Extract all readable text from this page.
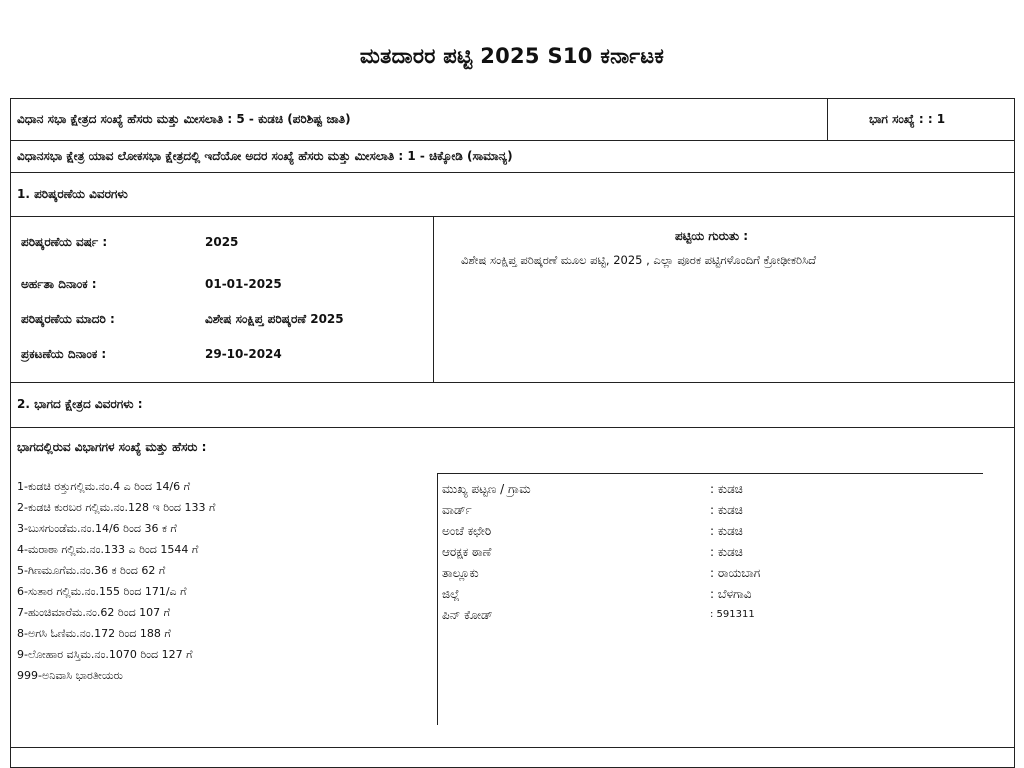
ಮತದಾರರ ಪಟ್ಟಿ 2025 S10 ಕರ್ನಾಟಕ
ವಿಧಾನ ಸಭಾ ಕ್ಷೇತ್ರದ ಸಂಖ್ಯೆ ಹೆಸರು ಮತ್ತು ಮೀಸಲಾತಿ : 5 - ಕುಡಚಿ (ಪರಿಶಿಷ್ಟ ಜಾತಿ)	ಭಾಗ ಸಂಖ್ಯೆ : : 1
ವಿಧಾನಸಭಾ ಕ್ಷೇತ್ರ ಯಾವ ಲೋಕಸಭಾ ಕ್ಷೇತ್ರದಲ್ಲಿ ಇದೆಯೋ ಅದರ ಸಂಖ್ಯೆ ಹೆಸರು ಮತ್ತು ಮೀಸಲಾತಿ : 1 - ಚಿಕ್ಕೋಡಿ (ಸಾಮಾನ್ಯ)
1. ಪರಿಷ್ಕರಣೆಯ ವಿವರಗಳು
ಪರಿಷ್ಕರಣೆಯ ವರ್ಷ :	2025
ಅರ್ಹತಾ ದಿನಾಂಕ :	01-01-2025
ಪರಿಷ್ಕರಣೆಯ ಮಾದರಿ :	ವಿಶೇಷ ಸಂಕ್ಷಿಪ್ತ ಪರಿಷ್ಕರಣೆ 2025
ಪ್ರಕಟಣೆಯ ದಿನಾಂಕ :	29-10-2024
ಪಟ್ಟಿಯ ಗುರುತು :
ವಿಶೇಷ ಸಂಕ್ಷಿಪ್ತ ಪರಿಷ್ಕರಣೆ ಮೂಲ ಪಟ್ಟಿ, 2025 , ಎಲ್ಲಾ ಪೂರಕ ಪಟ್ಟಿಗಳೊಂದಿಗೆ ಕ್ರೋಢೀಕರಿಸಿದೆ
2. ಭಾಗದ ಕ್ಷೇತ್ರದ ವಿವರಗಳು :
ಭಾಗದಲ್ಲಿರುವ ವಿಭಾಗಗಳ ಸಂಖ್ಯೆ ಮತ್ತು ಹೆಸರು :
1-ಕುಡಚಿ ರತ್ತುಗಲ್ಲಿಮ.ನಂ.4 ಎ ರಿಂದ 14/6 ಗೆ
2-ಕುಡಚಿ ಕುರಬರ ಗಲ್ಲಿಮ.ನಂ.128 ಇ ರಿಂದ 133 ಗೆ
3-ಬುಸಗುಂಡೆಮ.ನಂ.14/6 ರಿಂದ 36 ಕ ಗೆ
4-ಮರಾಠಾ ಗಲ್ಲಿಮ.ನಂ.133 ಎ ರಿಂದ 1544 ಗೆ
5-ಗಿಣಮೂಗೆಮ.ನಂ.36 ಕ ರಿಂದ 62 ಗೆ
6-ಸುತಾರ ಗಲ್ಲಿಮ.ನಂ.155 ರಿಂದ 171/ಎ ಗೆ
7-ಹುಂಚಿಮಾರೆಮ.ನಂ.62 ರಿಂದ 107 ಗೆ
8-ಅಗಸಿ ಓಣಿಮ.ನಂ.172 ರಿಂದ 188 ಗೆ
9-ಲೋಹಾರ ವಸ್ತಿಮ.ನಂ.1070 ರಿಂದ 127 ಗೆ
999-ಅನಿವಾಸಿ ಭಾರತೀಯರು
ಮುಖ್ಯ ಪಟ್ಟಣ / ಗ್ರಾಮ	: ಕುಡಚಿ
ವಾರ್ಡ್	: ಕುಡಚಿ
ಅಂಚೆ ಕಛೇರಿ	: ಕುಡಚಿ
ಆರಕ್ಷಕ ಠಾಣೆ	: ಕುಡಚಿ
ತಾಲ್ಲೂಕು	: ರಾಯಬಾಗ
ಜಿಲ್ಲೆ	: ಬೆಳಗಾವಿ
ಪಿನ್ ಕೋಡ್	: 591311
